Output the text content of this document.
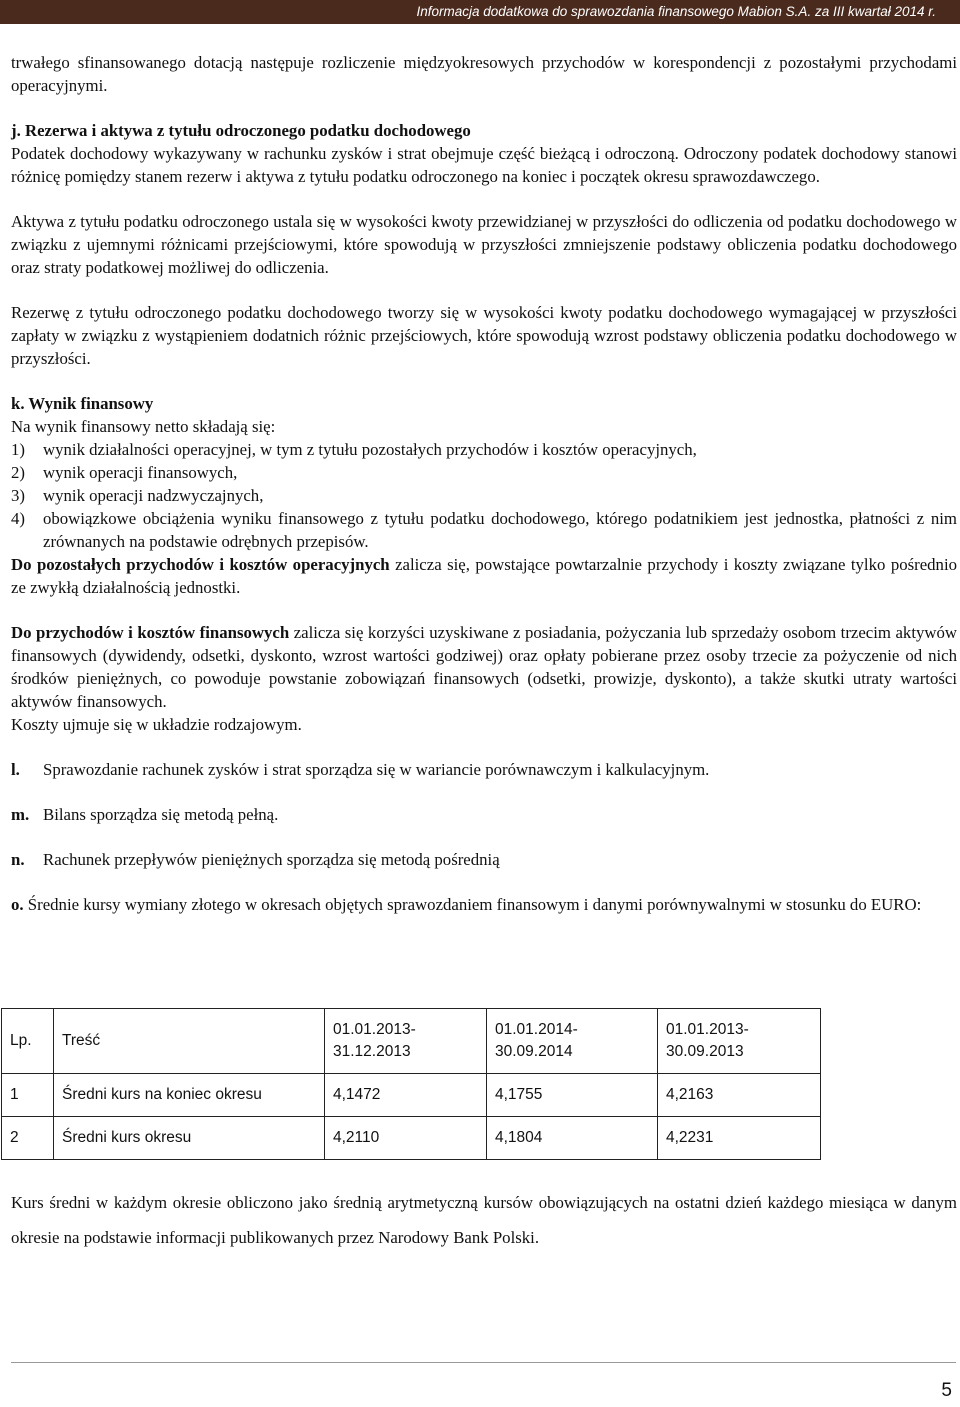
Informacja dodatkowa do sprawozdania finansowego Mabion S.A. za III kwartał 2014 r.

trwałego sfinansowanego dotacją następuje rozliczenie międzyokresowych przychodów w korespondencji z pozostałymi przychodami operacyjnymi.

j. Rezerwa i aktywa z tytułu odroczonego podatku dochodowego

Podatek dochodowy wykazywany w rachunku zysków i strat obejmuje część bieżącą i odroczoną. Odroczony podatek dochodowy stanowi różnicę pomiędzy stanem rezerw i aktywa z tytułu podatku odroczonego na koniec i początek okresu sprawozdawczego.

Aktywa z tytułu podatku odroczonego ustala się w wysokości kwoty przewidzianej w przyszłości do odliczenia od podatku dochodowego w związku z ujemnymi różnicami przejściowymi, które spowodują w przyszłości zmniejszenie podstawy obliczenia podatku dochodowego oraz straty podatkowej możliwej do odliczenia.

Rezerwę z tytułu odroczonego podatku dochodowego tworzy się w wysokości kwoty podatku dochodowego wymagającej w przyszłości zapłaty w związku z wystąpieniem dodatnich różnic przejściowych, które spowodują wzrost podstawy obliczenia podatku dochodowego w przyszłości.

k. Wynik finansowy

Na wynik finansowy netto składają się:

1) wynik działalności operacyjnej, w tym z tytułu pozostałych przychodów i kosztów operacyjnych,
2) wynik operacji finansowych,
3) wynik operacji nadzwyczajnych,
4) obowiązkowe obciążenia wyniku finansowego z tytułu podatku dochodowego, którego podatnikiem jest jednostka, płatności z nim zrównanych na podstawie odrębnych przepisów.

Do pozostałych przychodów i kosztów operacyjnych zalicza się, powstające powtarzalnie przychody i koszty związane tylko pośrednio ze zwykłą działalnością jednostki.

Do przychodów i kosztów finansowych zalicza się korzyści uzyskiwane z posiadania, pożyczania lub sprzedaży osobom trzecim aktywów finansowych (dywidendy, odsetki, dyskonto, wzrost wartości godziwej) oraz opłaty pobierane przez osoby trzecie za pożyczenie od nich środków pieniężnych, co powoduje powstanie zobowiązań finansowych (odsetki, prowizje, dyskonto), a także skutki utraty wartości aktywów finansowych.

Koszty ujmuje się w układzie rodzajowym.

l.	Sprawozdanie rachunek zysków i strat sporządza się w wariancie porównawczym i kalkulacyjnym.
m. Bilans sporządza się metodą pełną.
n.	Rachunek przepływów pieniężnych sporządza się metodą pośrednią

o. Średnie kursy wymiany złotego w okresach objętych sprawozdaniem finansowym i danymi porównywalnymi w stosunku do EURO:

Lp.	Treść	01.01.2013-31.12.2013	01.01.2014-30.09.2014	01.01.2013-30.09.2013
1	Średni kurs na koniec okresu	4,1472	4,1755	4,2163
2	Średni kurs okresu	4,2110	4,1804	4,2231

Kurs średni w każdym okresie obliczono jako średnią arytmetyczną kursów obowiązujących na ostatni dzień każdego miesiąca w danym okresie na podstawie informacji publikowanych przez Narodowy Bank Polski.

5
